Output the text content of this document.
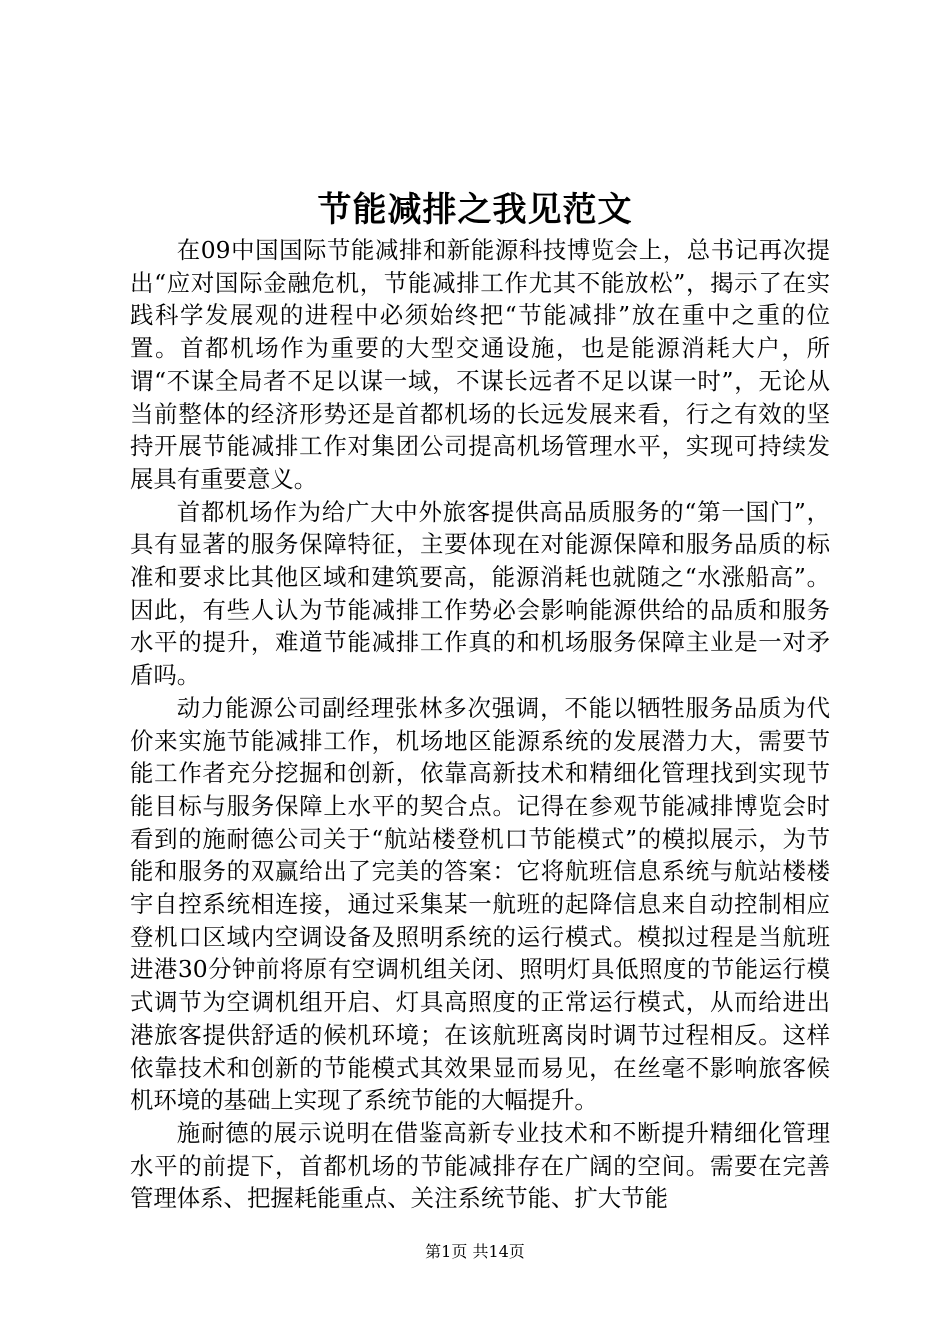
节能减排之我见范文

在09中国国际节能减排和新能源科技博览会上，总书记再次提出“应对国际金融危机，节能减排工作尤其不能放松”，揭示了在实践科学发展观的进程中必须始终把“节能减排”放在重中之重的位置。首都机场作为重要的大型交通设施，也是能源消耗大户，所谓“不谋全局者不足以谋一域，不谋长远者不足以谋一时”，无论从当前整体的经济形势还是首都机场的长远发展来看，行之有效的坚持开展节能减排工作对集团公司提高机场管理水平，实现可持续发展具有重要意义。

首都机场作为给广大中外旅客提供高品质服务的“第一国门”，具有显著的服务保障特征，主要体现在对能源保障和服务品质的标准和要求比其他区域和建筑要高，能源消耗也就随之“水涨船高”。因此，有些人认为节能减排工作势必会影响能源供给的品质和服务水平的提升，难道节能减排工作真的和机场服务保障主业是一对矛盾吗。

动力能源公司副经理张林多次强调，不能以牺牲服务品质为代价来实施节能减排工作，机场地区能源系统的发展潜力大，需要节能工作者充分挖掘和创新，依靠高新技术和精细化管理找到实现节能目标与服务保障上水平的契合点。记得在参观节能减排博览会时看到的施耐德公司关于“航站楼登机口节能模式”的模拟展示，为节能和服务的双赢给出了完美的答案：它将航班信息系统与航站楼楼宇自控系统相连接，通过采集某一航班的起降信息来自动控制相应登机口区域内空调设备及照明系统的运行模式。模拟过程是当航班进港30分钟前将原有空调机组关闭、照明灯具低照度的节能运行模式调节为空调机组开启、灯具高照度的正常运行模式，从而给进出港旅客提供舒适的候机环境；在该航班离岗时调节过程相反。这样依靠技术和创新的节能模式其效果显而易见，在丝毫不影响旅客候机环境的基础上实现了系统节能的大幅提升。

施耐德的展示说明在借鉴高新专业技术和不断提升精细化管理水平的前提下，首都机场的节能减排存在广阔的空间。需要在完善管理体系、把握耗能重点、关注系统节能、扩大节能

第1页 共14页
